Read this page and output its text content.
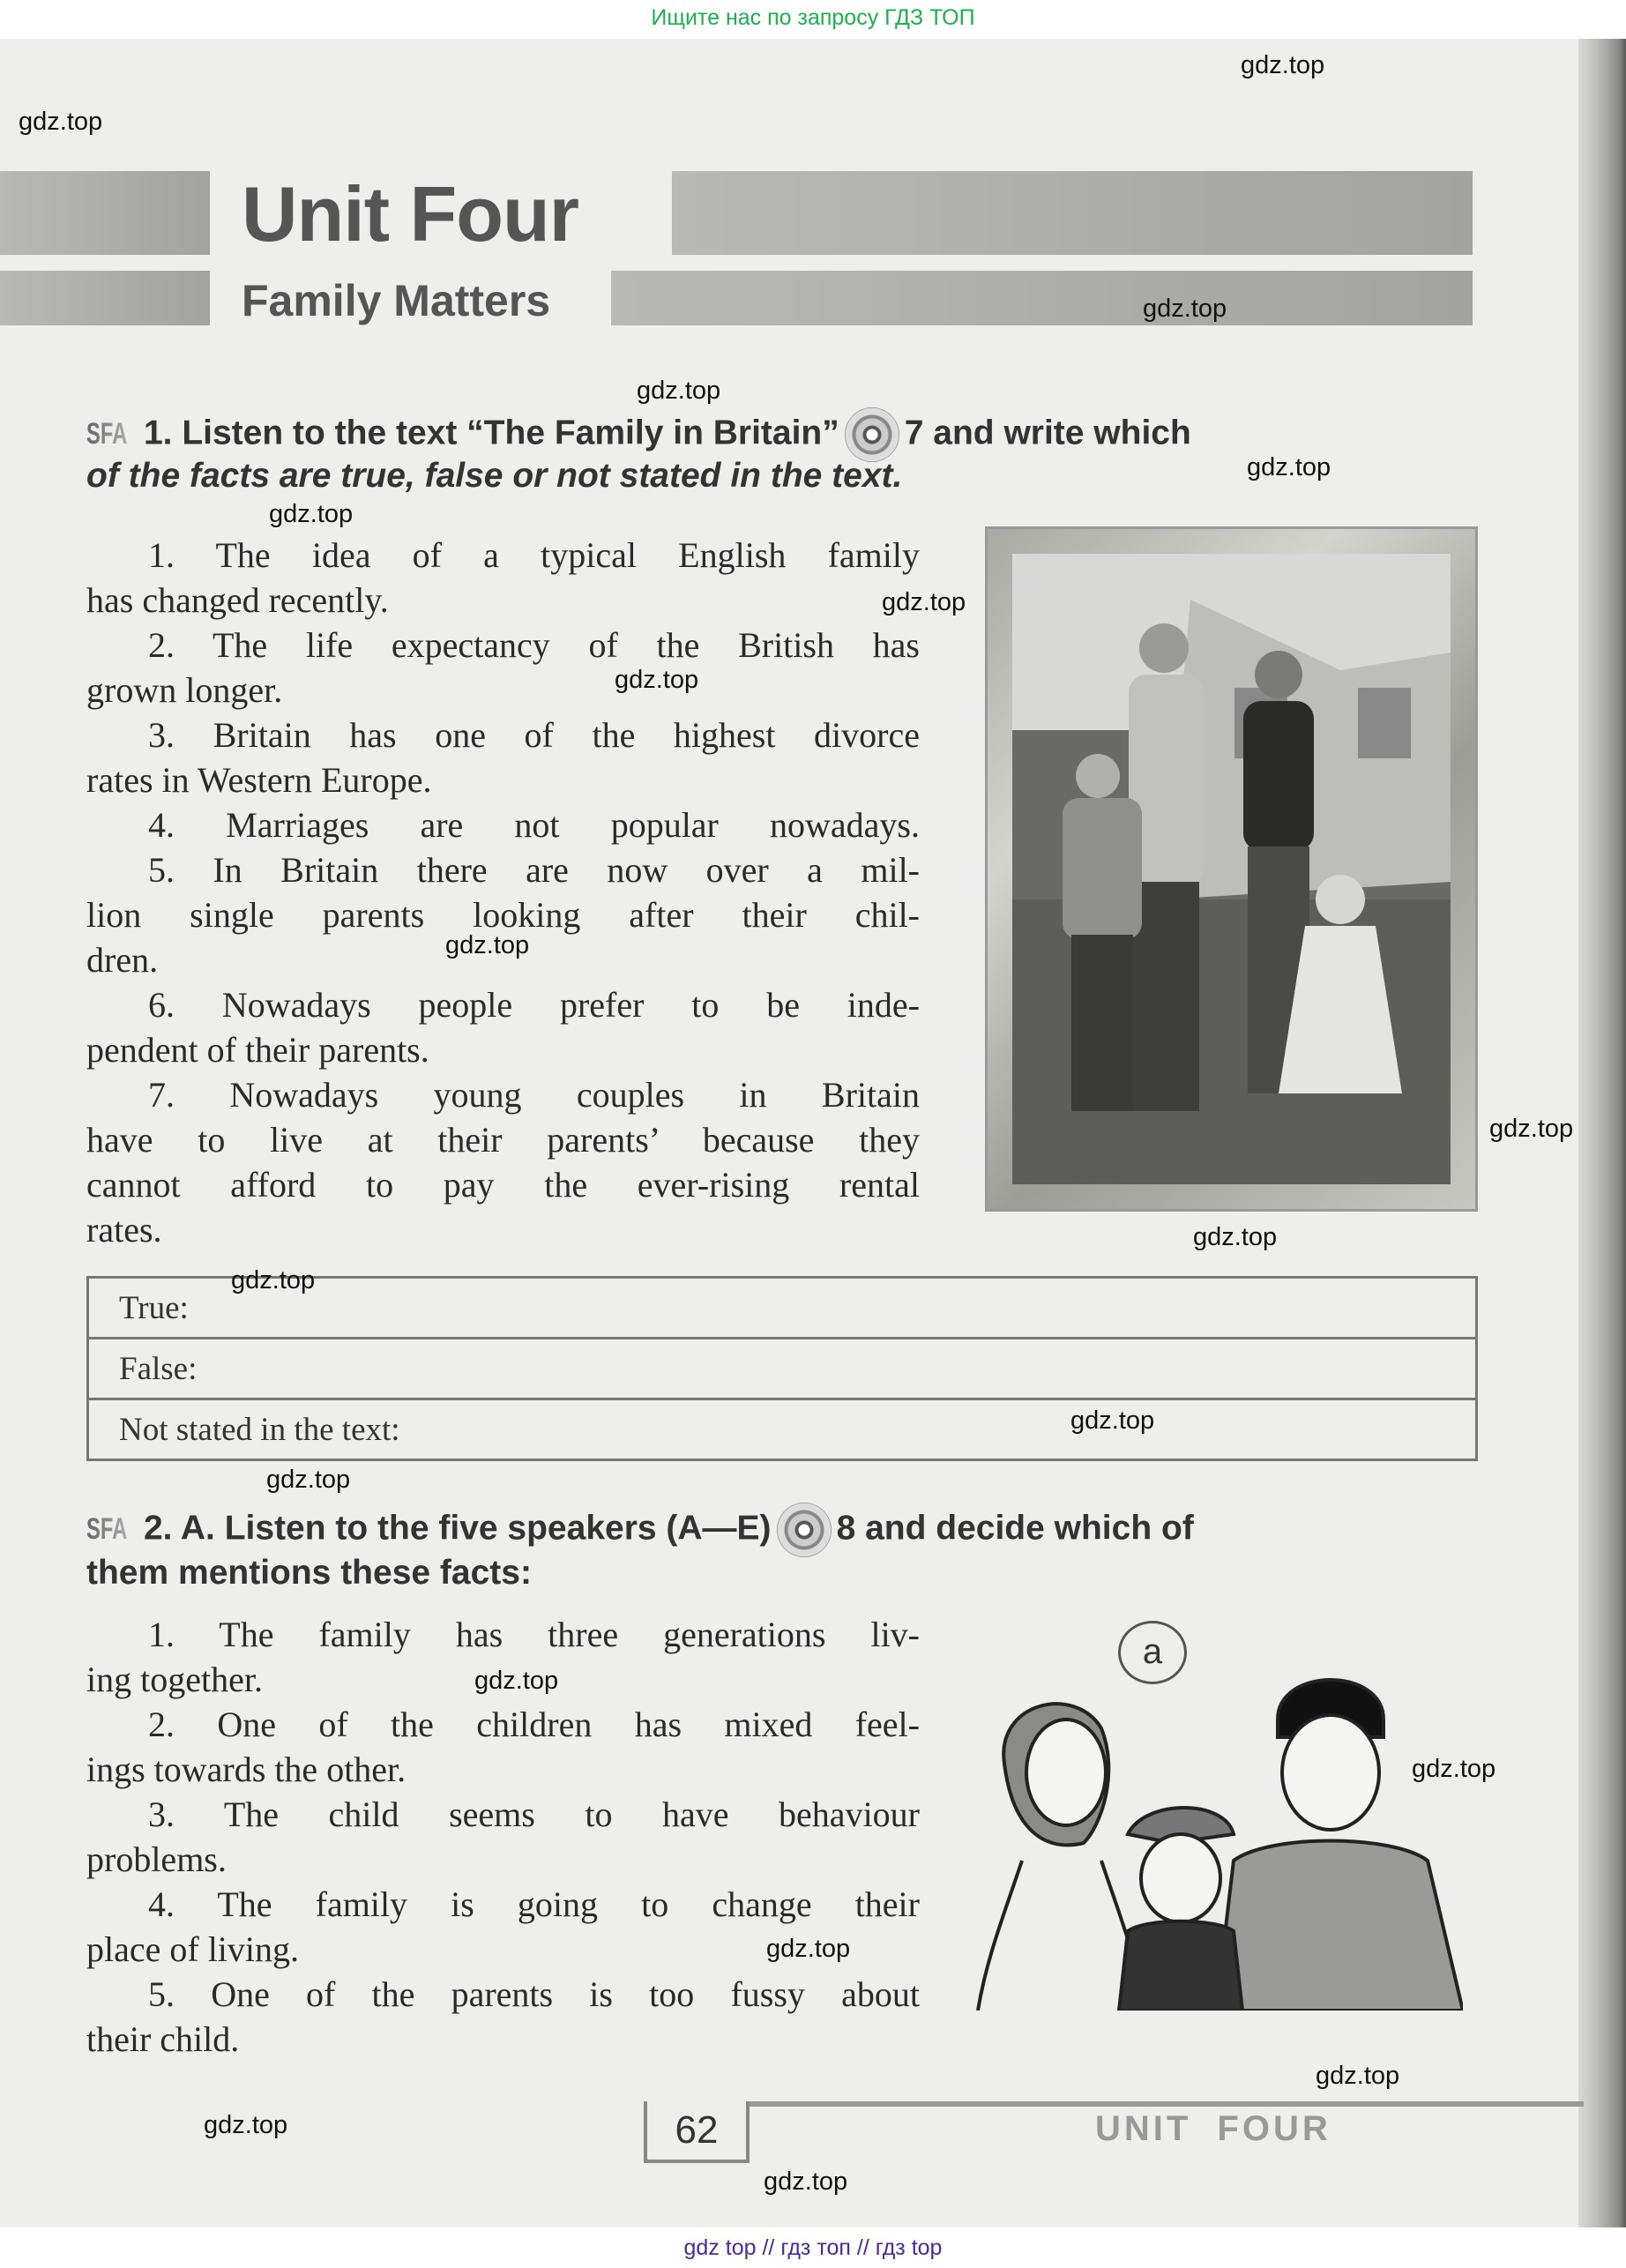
Ищите нас по запросу ГДЗ ТОП
Unit Four
Family Matters
SFA 1. Listen to the text “The Family in Britain” 7 and write which
of the facts are true, false or not stated in the text.
1. The idea of a typical English family
has changed recently.
2. The life expectancy of the British has
grown longer.
3. Britain has one of the highest divorce
rates in Western Europe.
4. Marriages are not popular nowadays.
5. In Britain there are now over a mil-
lion single parents looking after their chil-
dren.
6. Nowadays people prefer to be inde-
pendent of their parents.
7. Nowadays young couples in Britain
have to live at their parents’ because they
cannot afford to pay the ever-rising rental
rates.
True:
False:
Not stated in the text:
SFA 2. A. Listen to the five speakers (A—E) 8 and decide which of
them mentions these facts:
1. The family has three generations liv-
ing together.
2. One of the children has mixed feel-
ings towards the other.
3. The child seems to have behaviour
problems.
4. The family is going to change their
place of living.
5. One of the parents is too fussy about
their child.
a
62	UNIT FOUR
gdz.top
gdz.top
gdz.top
gdz.top
gdz.top
gdz.top
gdz.top
gdz.top
gdz.top
gdz.top
gdz.top
gdz.top
gdz.top
gdz.top
gdz.top
gdz.top
gdz.top
gdz.top
gdz.top
gdz.top
gdz top // гдз топ // гдз top
